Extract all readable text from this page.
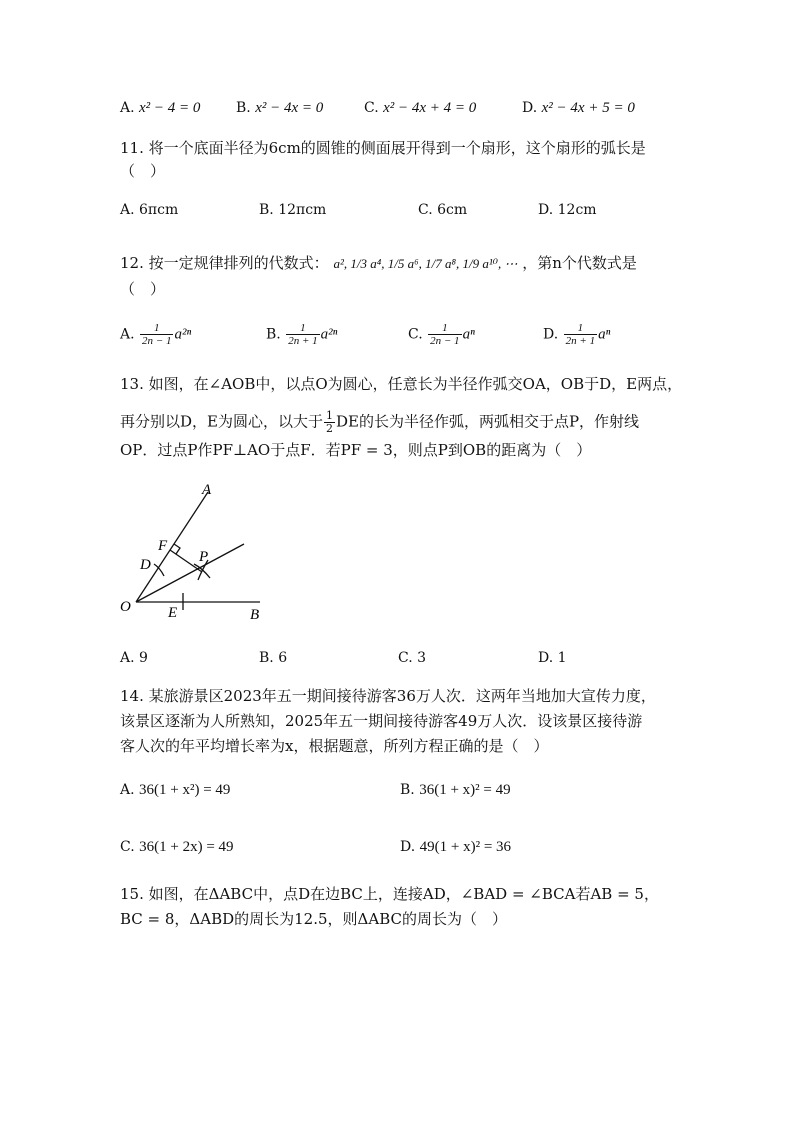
A. x² − 4 = 0	B. x² − 4x = 0	C. x² − 4x + 4 = 0	D. x² − 4x + 5 = 0
11. 将一个底面半径为6cm的圆锥的侧面展开得到一个扇形，这个扇形的弧长是
（　）
A. 6πcm	B. 12πcm	C. 6cm	D. 12cm
12. 按一定规律排列的代数式： a², 1/3 a⁴, 1/5 a⁶, 1/7 a⁸, 1/9 a¹⁰, ⋯ ，第n个代数式是
（　）
A. $\frac{1}{2n - 1} a^{2n}$	B. $\frac{1}{2n + 1} a^{2n}$	C. $\frac{1}{2n - 1}$ aⁿ	D. $\frac{1}{2n + 1}$ aⁿ
13. 如图，在∠AOB中，以点O为圆心，任意长为半径作弧交OA，OB于D，E两点，
再分别以D，E为圆心，以大于 $\frac{1}{2}$ DE的长为半径作弧，两弧相交于点P，作射线
OP．过点P作PF⊥AO于点F．若PF = 3，则点P到OB的距离为（　）
A
B
O
D
E
F
P
A. 9	B. 6	C. 3	D. 1
14. 某旅游景区2023年五一期间接待游客36万人次．这两年当地加大宣传力度，
该景区逐渐为人所熟知，2025年五一期间接待游客49万人次．设该景区接待游
客人次的年平均增长率为x，根据题意，所列方程正确的是（　）
A. 36(1 + x²) = 49	B. 36(1 + x)² = 49
C. 36(1 + 2x) = 49	D. 49(1 + x)² = 36
15. 如图，在ΔABC中，点D在边BC上，连接AD，∠BAD = ∠BCA若AB = 5，
BC = 8，ΔABD的周长为12.5，则ΔABC的周长为（　）
